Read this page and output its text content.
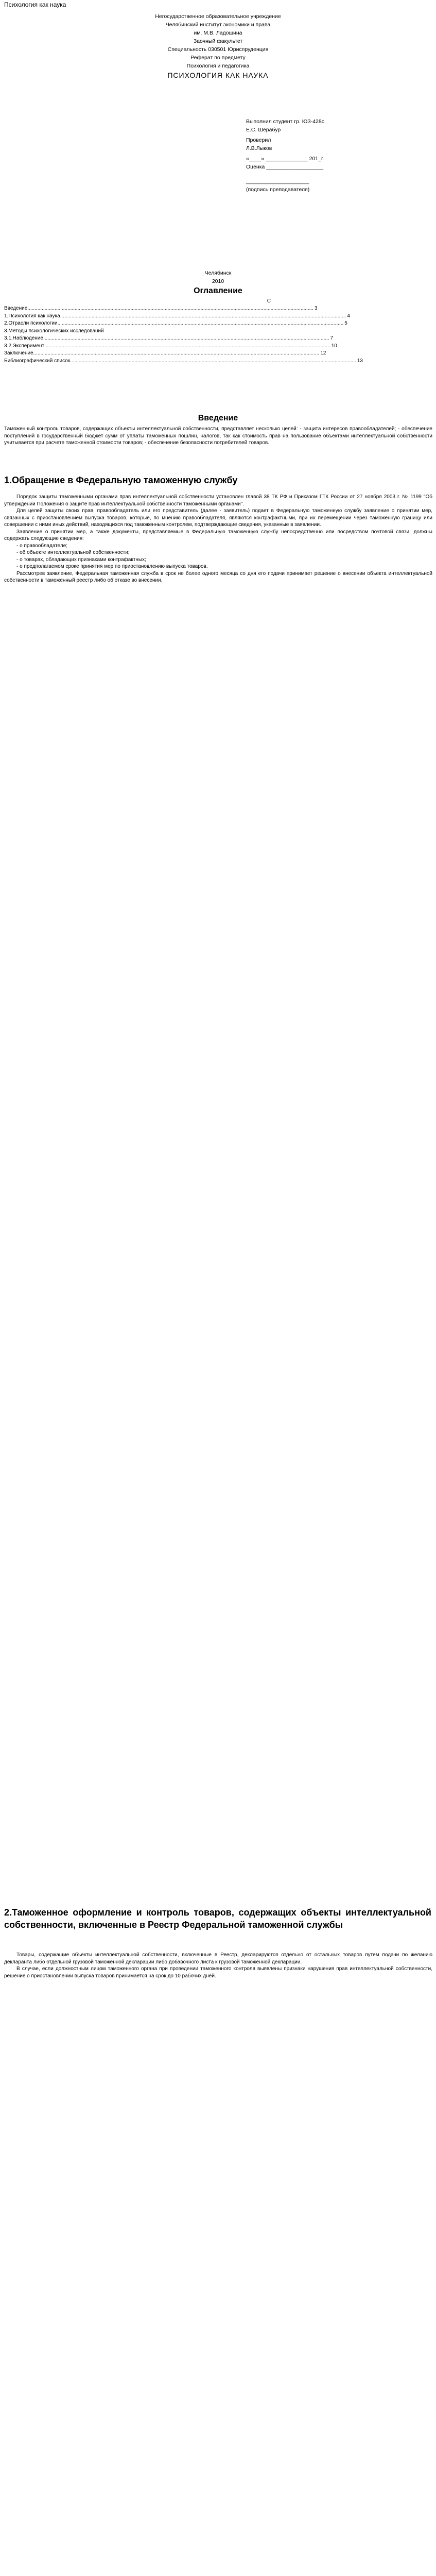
Психология как наука
Негосударственное образовательное учреждение
Челябинский институт экономики и права
им. М.В. Ладошина
Заочный факультет
Специальность 030501 Юриспруденция
Реферат по предмету
Психология и педагогика
ПСИХОЛОГИЯ КАК НАУКА
Выполнил студент гр. ЮЗ-428с
Е.С. Шерабур
Проверил
Л.В.Лыков
«____» ______________ 201_г.
Оценка ___________________
_____________________
(подпись преподавателя)
Челябинск
2010
Оглавление
С
Введение ........................................................................................................................................................................................................ 3
1.Психология как наука ........................................................................................................................................................................................................ 4
2.Отрасли психологии ........................................................................................................................................................................................................ 5
3.Методы психологических исследований
3.1.Наблюдение ........................................................................................................................................................................................................ 7
3.2.Эксперимент ........................................................................................................................................................................................................ 10
Заключение ........................................................................................................................................................................................................ 12
Библиографический список ........................................................................................................................................................................................................ 13
Введение

Таможенный контроль товаров, содержащих объекты интеллектуальной собственности, представляет несколько целей: - защита интересов правообладателей; - обеспечение поступлений в государственный бюджет сумм от уплаты таможенных пошлин, налогов, так как стоимость прав на пользование объектами интеллектуальной собственности учитывается при расчете таможенной стоимости товаров; - обеспечение безопасности потребителей товаров.

1.Обращение в Федеральную таможенную службу

Порядок защиты таможенными органами прав интеллектуальной собственности установлен главой 38 ТК РФ и Приказом ГТК России от 27 ноября 2003 г. № 1199 "Об утверждении Положения о защите прав интеллектуальной собственности таможенными органами".

Для целей защиты своих прав, правообладатель или его представитель (далее - заявитель) подает в Федеральную таможенную службу заявление о принятии мер, связанных с приостановлением выпуска товаров, которые, по мнению правообладателя, являются контрафактными, при их перемещении через таможенную границу или совершении с ними иных действий, находящихся под таможенным контролем, подтверждающие сведения, указанные в заявлении.

Заявление о принятии мер, а также документы, представляемые в Федеральную таможенную службу непосредственно или посредством почтовой связи, должны содержать следующие сведения:

- о правообладателе;

- об объекте интеллектуальной собственности;

- о товарах, обладающих признаками контрафактных;

- о предполагаемом сроке принятия мер по приостановлению выпуска товаров.

Рассмотрев заявление, Федеральная таможенная служба в срок не более одного месяца со дня его подачи принимает решение о внесении объекта интеллектуальной собственности в таможенный реестр либо об отказе во внесении.

2.Таможенное оформление и контроль товаров, содержащих объекты интеллектуальной собственности, включенные в Реестр Федеральной таможенной службы

Товары, содержащие объекты интеллектуальной собственности, включенные в Реестр, декларируются отдельно от остальных товаров путем подачи по желанию декларанта либо отдельной грузовой таможенной декларации либо добавочного листа к грузовой таможенной декларации.

В случае, если должностным лицом таможенного органа при проведении таможенного контроля выявлены признаки нарушения прав интеллектуальной собственности, решение о приостановлении выпуска товаров принимается на срок до 10 рабочих дней.
